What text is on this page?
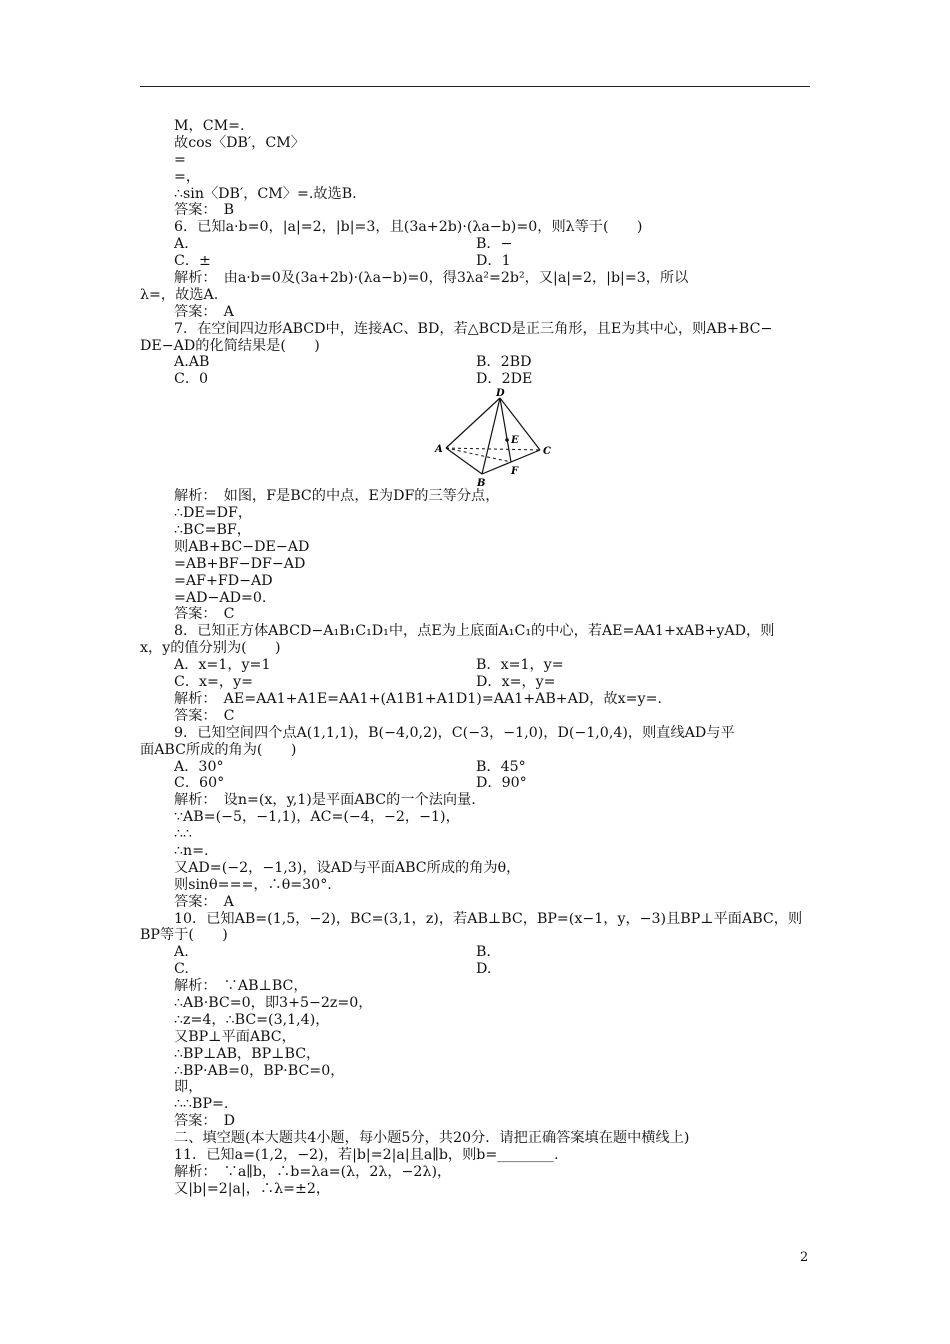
M，CM=.
故cos〈DB′，CM〉
=
=，
∴sin〈DB′，CM〉=.故选B.
答案：　B
6．已知a·b=0，|a|=2，|b|=3，且(3a+2b)·(λa−b)=0，则λ等于(　　)
A．	B．−
C．±	D．1
解析：　由a·b=0及(3a+2b)·(λa−b)=0，得3λa²=2b²，又|a|=2，|b|=3，所以
λ=，故选A.
答案：　A
7．在空间四边形ABCD中，连接AC、BD，若△BCD是正三角形，且E为其中心，则AB+BC−
DE−AD的化简结果是(　　)
A.AB	B．2BD
C．0	D．2DE
D
E
A	C
F
B
解析：　如图，F是BC的中点，E为DF的三等分点，
∴DE=DF，
∴BC=BF，
则AB+BC−DE−AD
=AB+BF−DF−AD
=AF+FD−AD
=AD−AD=0.
答案：　C
8．已知正方体ABCD−A₁B₁C₁D₁中，点E为上底面A₁C₁的中心，若AE=AA1+xAB+yAD，则
x，y的值分别为(　　)
A．x=1，y=1	B．x=1，y=
C．x=，y=	D．x=，y=
解析：　AE=AA1+A1E=AA1+(A1B1+A1D1)=AA1+AB+AD，故x=y=.
答案：　C
9．已知空间四个点A(1,1,1)，B(−4,0,2)，C(−3，−1,0)，D(−1,0,4)，则直线AD与平
面ABC所成的角为(　　)
A．30°	B．45°
C．60°	D．90°
解析：　设n=(x，y,1)是平面ABC的一个法向量.
∵AB=(−5，−1,1)，AC=(−4，−2，−1)，
∴∴
∴n=.
又AD=(−2，−1,3)，设AD与平面ABC所成的角为θ，
则sinθ===，∴θ=30°.
答案：　A
10．已知AB=(1,5，−2)，BC=(3,1，z)，若AB⊥BC，BP=(x−1，y，−3)且BP⊥平面ABC，则
BP等于(　　)
A.	B.
C.	D.
解析：　∵AB⊥BC，
∴AB·BC=0，即3+5−2z=0，
∴z=4，∴BC=(3,1,4)，
又BP⊥平面ABC，
∴BP⊥AB，BP⊥BC，
∴BP·AB=0，BP·BC=0，
即，
∴∴BP=.
答案：　D
二、填空题(本大题共4小题，每小题5分，共20分．请把正确答案填在题中横线上)
11．已知a=(1,2，−2)，若|b|=2|a|且a∥b，则b=________.
解析：　∵a∥b，∴b=λa=(λ，2λ，−2λ)，
又|b|=2|a|，∴λ=±2，
2
